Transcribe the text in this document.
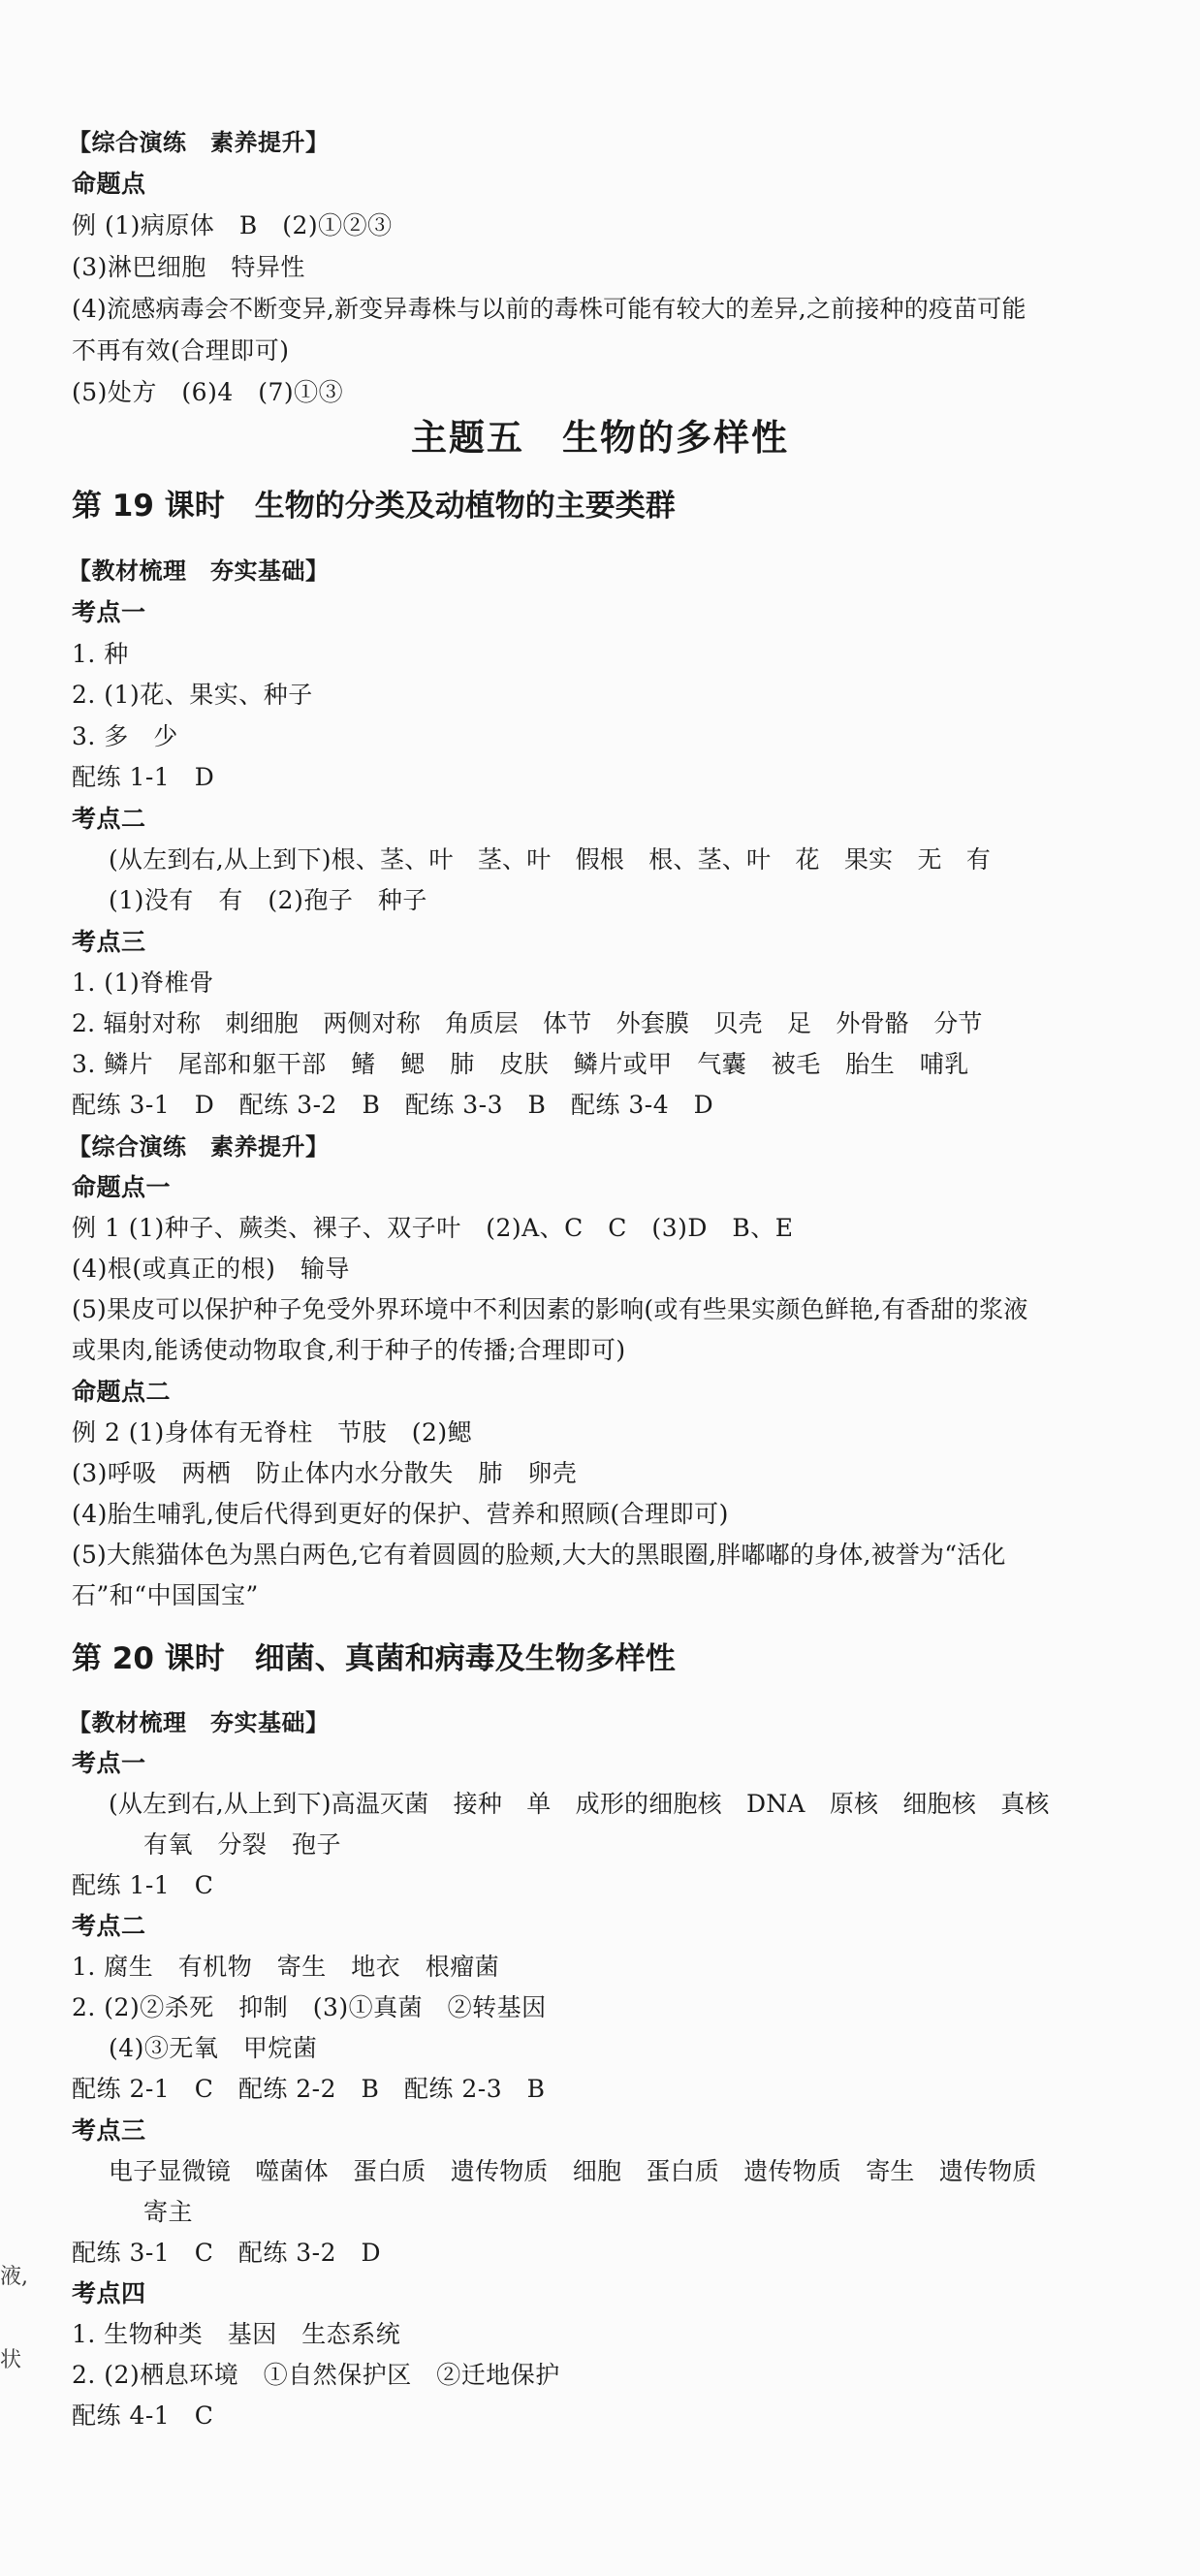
【综合演练　素养提升】
命题点
例 (1)病原体　B　(2)①②③
(3)淋巴细胞　特异性
(4)流感病毒会不断变异,新变异毒株与以前的毒株可能有较大的差异,之前接种的疫苗可能
不再有效(合理即可)
(5)处方　(6)4　(7)①③
主题五　生物的多样性
第 19 课时　生物的分类及动植物的主要类群
【教材梳理　夯实基础】
考点一
1. 种
2. (1)花、果实、种子
3. 多　少
配练 1-1　D
考点二
(从左到右,从上到下)根、茎、叶　茎、叶　假根　根、茎、叶　花　果实　无　有
(1)没有　有　(2)孢子　种子
考点三
1. (1)脊椎骨
2. 辐射对称　刺细胞　两侧对称　角质层　体节　外套膜　贝壳　足　外骨骼　分节
3. 鳞片　尾部和躯干部　鳍　鳃　肺　皮肤　鳞片或甲　气囊　被毛　胎生　哺乳
配练 3-1　D　配练 3-2　B　配练 3-3　B　配练 3-4　D
【综合演练　素养提升】
命题点一
例 1 (1)种子、蕨类、裸子、双子叶　(2)A、C　C　(3)D　B、E
(4)根(或真正的根)　输导
(5)果皮可以保护种子免受外界环境中不利因素的影响(或有些果实颜色鲜艳,有香甜的浆液
或果肉,能诱使动物取食,利于种子的传播;合理即可)
命题点二
例 2 (1)身体有无脊柱　节肢　(2)鳃
(3)呼吸　两栖　防止体内水分散失　肺　卵壳
(4)胎生哺乳,使后代得到更好的保护、营养和照顾(合理即可)
(5)大熊猫体色为黑白两色,它有着圆圆的脸颊,大大的黑眼圈,胖嘟嘟的身体,被誉为“活化
石”和“中国国宝”
第 20 课时　细菌、真菌和病毒及生物多样性
【教材梳理　夯实基础】
考点一
(从左到右,从上到下)高温灭菌　接种　单　成形的细胞核　DNA　原核　细胞核　真核
有氧　分裂　孢子
配练 1-1　C
考点二
1. 腐生　有机物　寄生　地衣　根瘤菌
2. (2)②杀死　抑制　(3)①真菌　②转基因
(4)③无氧　甲烷菌
配练 2-1　C　配练 2-2　B　配练 2-3　B
考点三
电子显微镜　噬菌体　蛋白质　遗传物质　细胞　蛋白质　遗传物质　寄生　遗传物质
寄主
配练 3-1　C　配练 3-2　D
考点四
1. 生物种类　基因　生态系统
2. (2)栖息环境　①自然保护区　②迁地保护
配练 4-1　C
液,
状
